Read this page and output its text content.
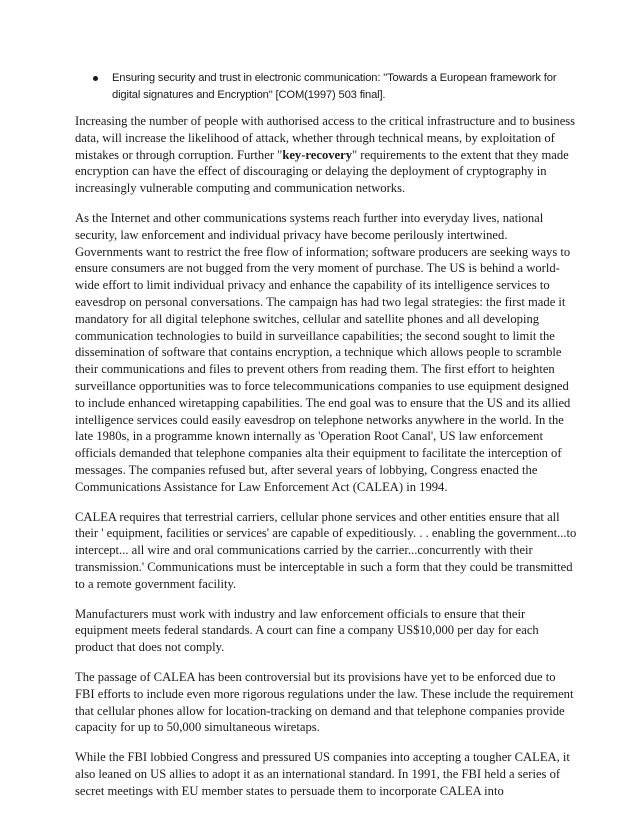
Ensuring security and trust in electronic communication: "Towards a European framework for digital signatures and Encryption" [COM(1997) 503 final].

Increasing the number of people with authorised access to the critical infrastructure and to business data, will increase the likelihood of attack, whether through technical means, by exploitation of mistakes or through corruption. Further "key-recovery" requirements to the extent that they made encryption can have the effect of discouraging or delaying the deployment of cryptography in increasingly vulnerable computing and communication networks.

As the Internet and other communications systems reach further into everyday lives, national security, law enforcement and individual privacy have become perilously intertwined. Governments want to restrict the free flow of information; software producers are seeking ways to ensure consumers are not bugged from the very moment of purchase. The US is behind a world-wide effort to limit individual privacy and enhance the capability of its intelligence services to eavesdrop on personal conversations. The campaign has had two legal strategies: the first made it mandatory for all digital telephone switches, cellular and satellite phones and all developing communication technologies to build in surveillance capabilities; the second sought to limit the dissemination of software that contains encryption, a technique which allows people to scramble their communications and files to prevent others from reading them. The first effort to heighten surveillance opportunities was to force telecommunications companies to use equipment designed to include enhanced wiretapping capabilities. The end goal was to ensure that the US and its allied intelligence services could easily eavesdrop on telephone networks anywhere in the world. In the late 1980s, in a programme known internally as 'Operation Root Canal', US law enforcement officials demanded that telephone companies alta their equipment to facilitate the interception of messages. The companies refused but, after several years of lobbying, Congress enacted the Communications Assistance for Law Enforcement Act (CALEA) in 1994.

CALEA requires that terrestrial carriers, cellular phone services and other entities ensure that all their ' equipment, facilities or services' are capable of expeditiously. . . enabling the government...to intercept... all wire and oral communications carried by the carrier...concurrently with their transmission.' Communications must be interceptable in such a form that they could be transmitted to a remote government facility.

Manufacturers must work with industry and law enforcement officials to ensure that their equipment meets federal standards. A court can fine a company US$10,000 per day for each product that does not comply.

The passage of CALEA has been controversial but its provisions have yet to be enforced due to FBI efforts to include even more rigorous regulations under the law. These include the requirement that cellular phones allow for location-tracking on demand and that telephone companies provide capacity for up to 50,000 simultaneous wiretaps.

While the FBI lobbied Congress and pressured US companies into accepting a tougher CALEA, it also leaned on US allies to adopt it as an international standard. In 1991, the FBI held a series of secret meetings with EU member states to persuade them to incorporate CALEA into
